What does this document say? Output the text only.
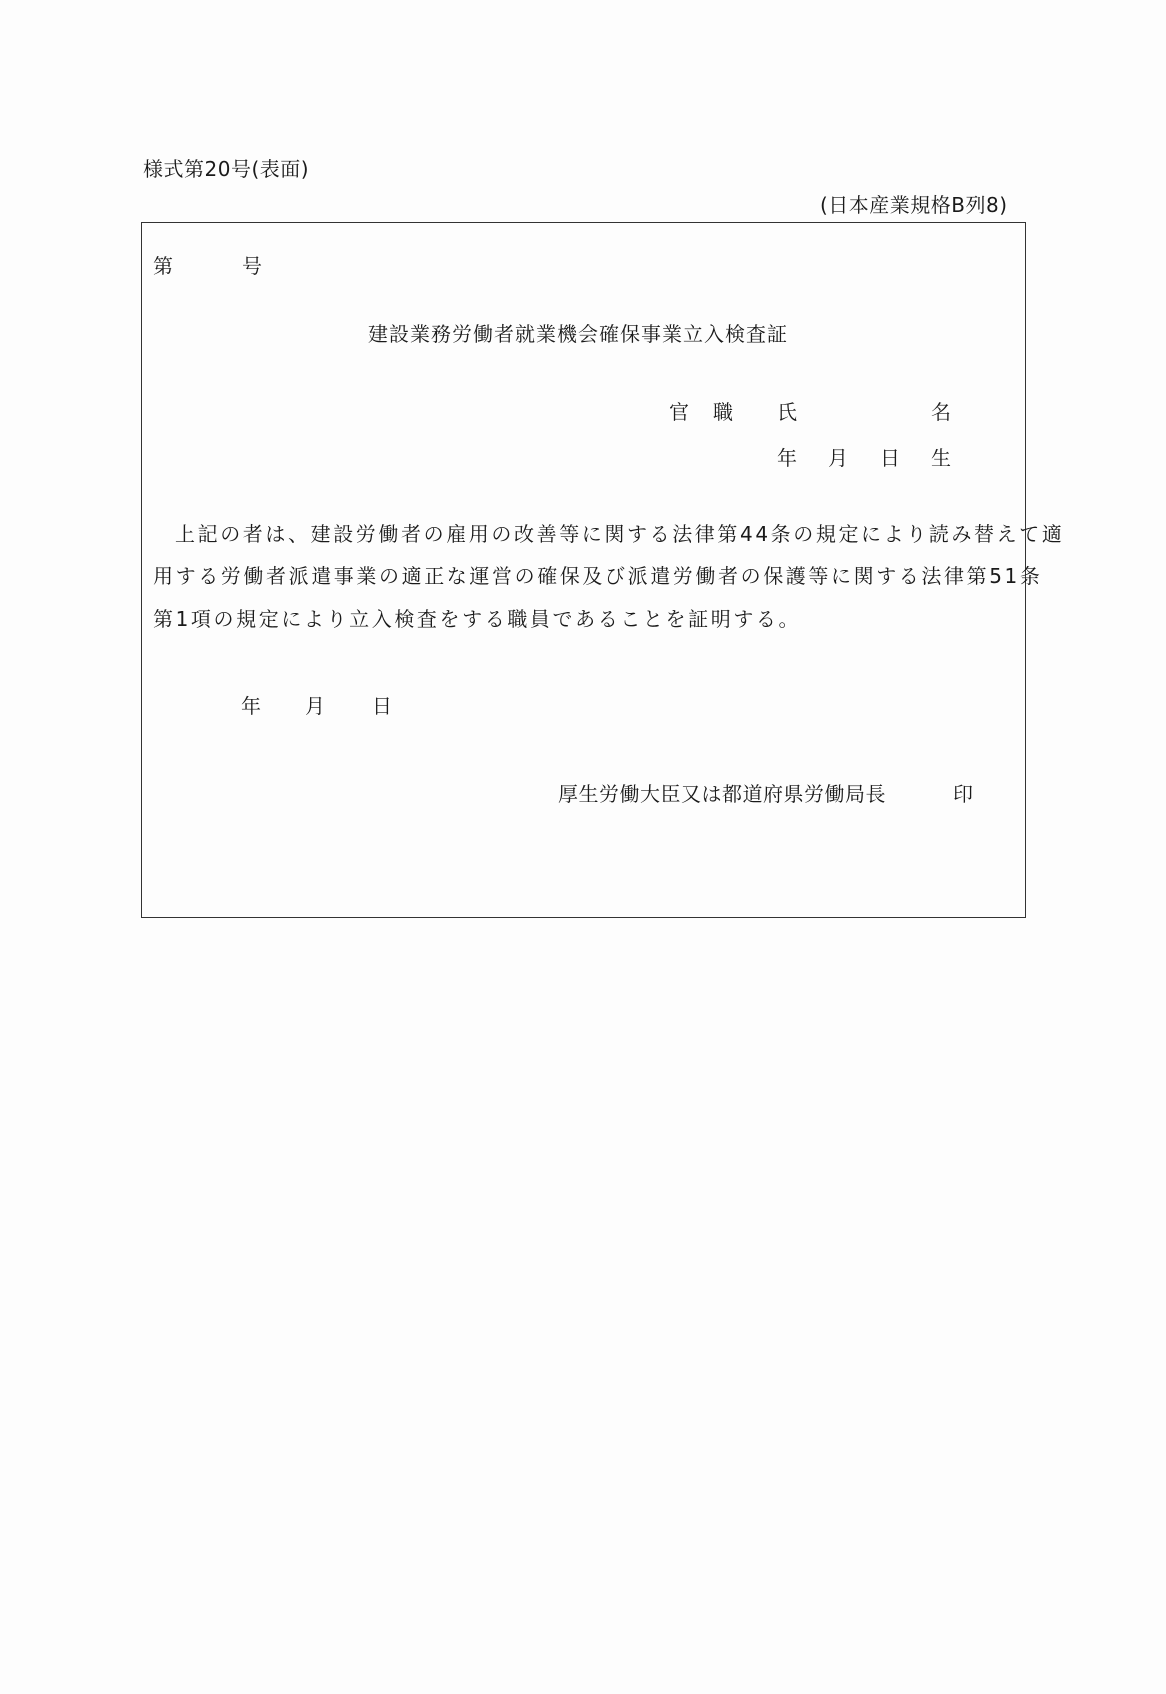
様式第20号(表面)
(日本産業規格B列8)
第	号
建設業務労働者就業機会確保事業立入検査証
官 職 氏	名
年 月 日 生
上記の者は、建設労働者の雇用の改善等に関する法律第44条の規定により読み替えて適
用する労働者派遣事業の適正な運営の確保及び派遣労働者の保護等に関する法律第51条
第1項の規定により立入検査をする職員であることを証明する。
年 月 日
厚生労働大臣又は都道府県労働局長	印
